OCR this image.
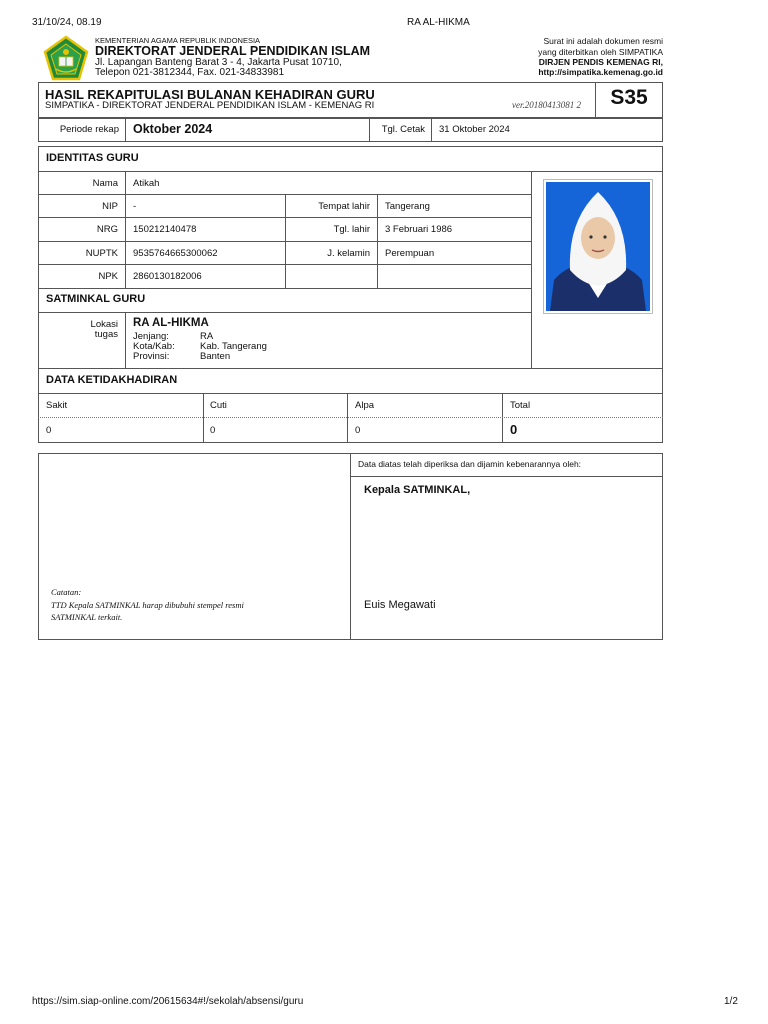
31/10/24, 08.19	RA AL-HIKMA
KEMENTERIAN AGAMA REPUBLIK INDONESIA
DIREKTORAT JENDERAL PENDIDIKAN ISLAM
Jl. Lapangan Banteng Barat 3 - 4, Jakarta Pusat 10710,
Telepon 021-3812344, Fax. 021-34833981
Surat ini adalah dokumen resmi
yang diterbitkan oleh SIMPATIKA
DIRJEN PENDIS KEMENAG RI,
http://simpatika.kemenag.go.id
HASIL REKAPITULASI BULANAN KEHADIRAN GURU
SIMPATIKA - DIREKTORAT JENDERAL PENDIDIKAN ISLAM - KEMENAG RI	ver.20180413081 2	S35
Periode rekap Oktober 2024	Tgl. Cetak 31 Oktober 2024
IDENTITAS GURU
Nama Atikah
NIP -	Tempat lahir Tangerang
NRG 150212140478	Tgl. lahir 3 Februari 1986
NUPTK 9535764665300062	J. kelamin Perempuan
NPK 2860130182006
SATMINKAL GURU
Lokasi
tugas
RA AL-HIKMA
Jenjang:	RA
Kota/Kab:	Kab. Tangerang
Provinsi:	Banten
DATA KETIDAKHADIRAN
Sakit	Cuti	Alpa	Total
0	0	0	0
Data diatas telah diperiksa dan dijamin kebenarannya oleh:
Kepala SATMINKAL,
Euis Megawati
Catatan:
TTD Kepala SATMINKAL harap dibubuhi stempel resmi
SATMINKAL terkait.
https://sim.siap-online.com/20615634#!/sekolah/absensi/guru	1/2
